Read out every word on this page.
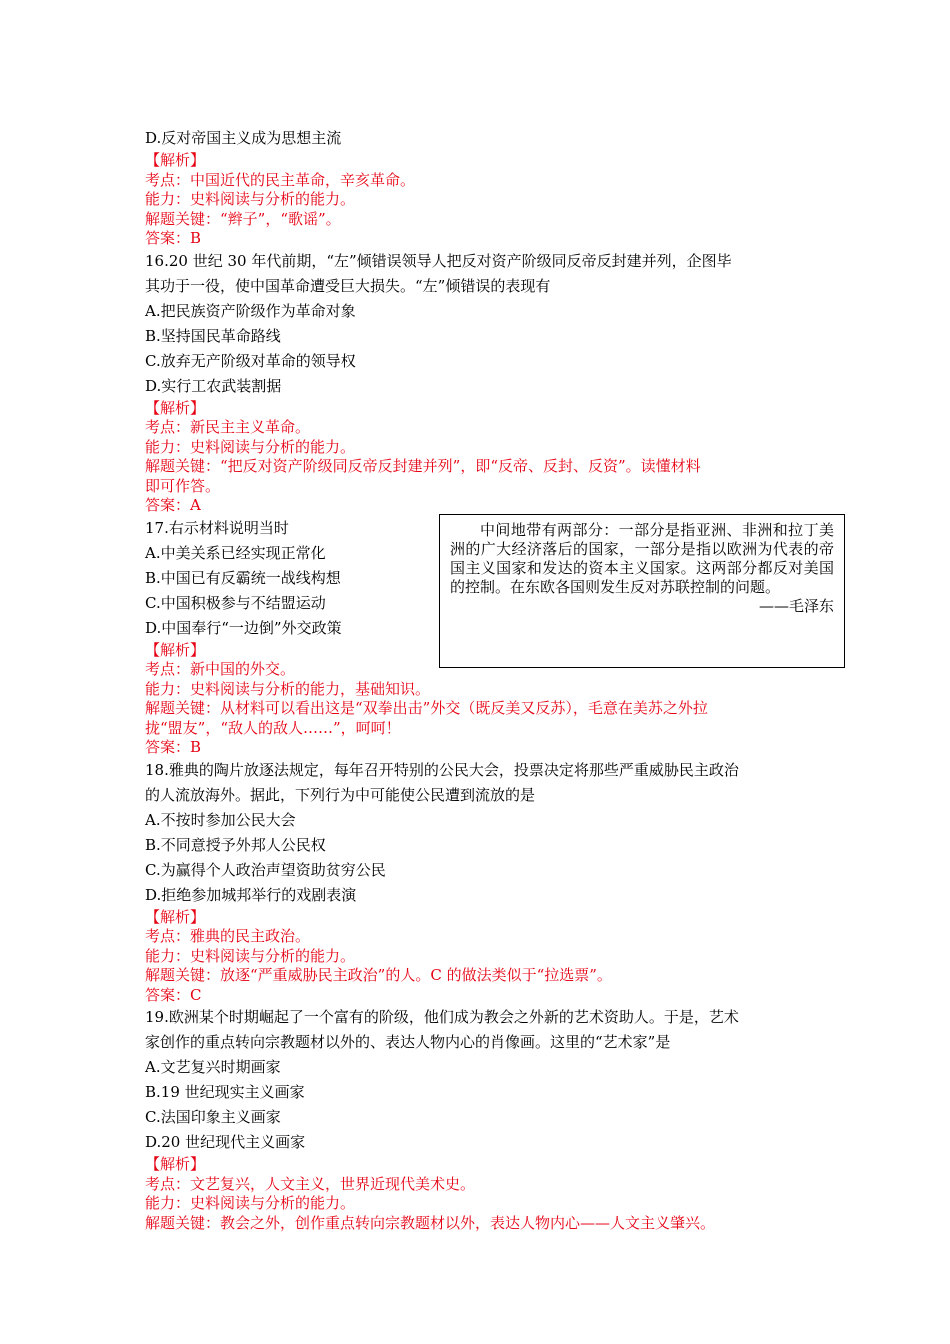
D.反对帝国主义成为思想主流

【解析】

考点：中国近代的民主革命，辛亥革命。

能力：史料阅读与分析的能力。

解题关键：“辫子”，“歌谣”。

答案：B

16.20 世纪 30 年代前期，“左”倾错误领导人把反对资产阶级同反帝反封建并列，企图毕

其功于一役，使中国革命遭受巨大损失。“左”倾错误的表现有

A.把民族资产阶级作为革命对象

B.坚持国民革命路线

C.放弃无产阶级对革命的领导权

D.实行工农武装割据

【解析】

考点：新民主主义革命。

能力：史料阅读与分析的能力。

解题关键：“把反对资产阶级同反帝反封建并列”，即“反帝、反封、反资”。读懂材料

即可作答。

答案：A

17.右示材料说明当时

A.中美关系已经实现正常化

B.中国已有反霸统一战线构想

C.中国积极参与不结盟运动

D.中国奉行“一边倒”外交政策

【解析】

考点：新中国的外交。

能力：史料阅读与分析的能力，基础知识。

解题关键：从材料可以看出这是“双拳出击”外交（既反美又反苏），毛意在美苏之外拉

拢“盟友”，“敌人的敌人……”，呵呵！

答案：B

18.雅典的陶片放逐法规定，每年召开特别的公民大会，投票决定将那些严重威胁民主政治

的人流放海外。据此，下列行为中可能使公民遭到流放的是

A.不按时参加公民大会

B.不同意授予外邦人公民权

C.为赢得个人政治声望资助贫穷公民

D.拒绝参加城邦举行的戏剧表演

【解析】

考点：雅典的民主政治。

能力：史料阅读与分析的能力。

解题关键：放逐“严重威胁民主政治”的人。C 的做法类似于“拉选票”。

答案：C

19.欧洲某个时期崛起了一个富有的阶级，他们成为教会之外新的艺术资助人。于是，艺术

家创作的重点转向宗教题材以外的、表达人物内心的肖像画。这里的“艺术家”是

A.文艺复兴时期画家

B.19 世纪现实主义画家

C.法国印象主义画家

D.20 世纪现代主义画家

【解析】

考点：文艺复兴，人文主义，世界近现代美术史。

能力：史料阅读与分析的能力。

解题关键：教会之外，创作重点转向宗教题材以外，表达人物内心——人文主义肇兴。

中间地带有两部分：一部分是指亚洲、非洲和拉丁美洲的广大经济落后的国家，一部分是指以欧洲为代表的帝国主义国家和发达的资本主义国家。这两部分都反对美国的控制。在东欧各国则发生反对苏联控制的问题。

——毛泽东
